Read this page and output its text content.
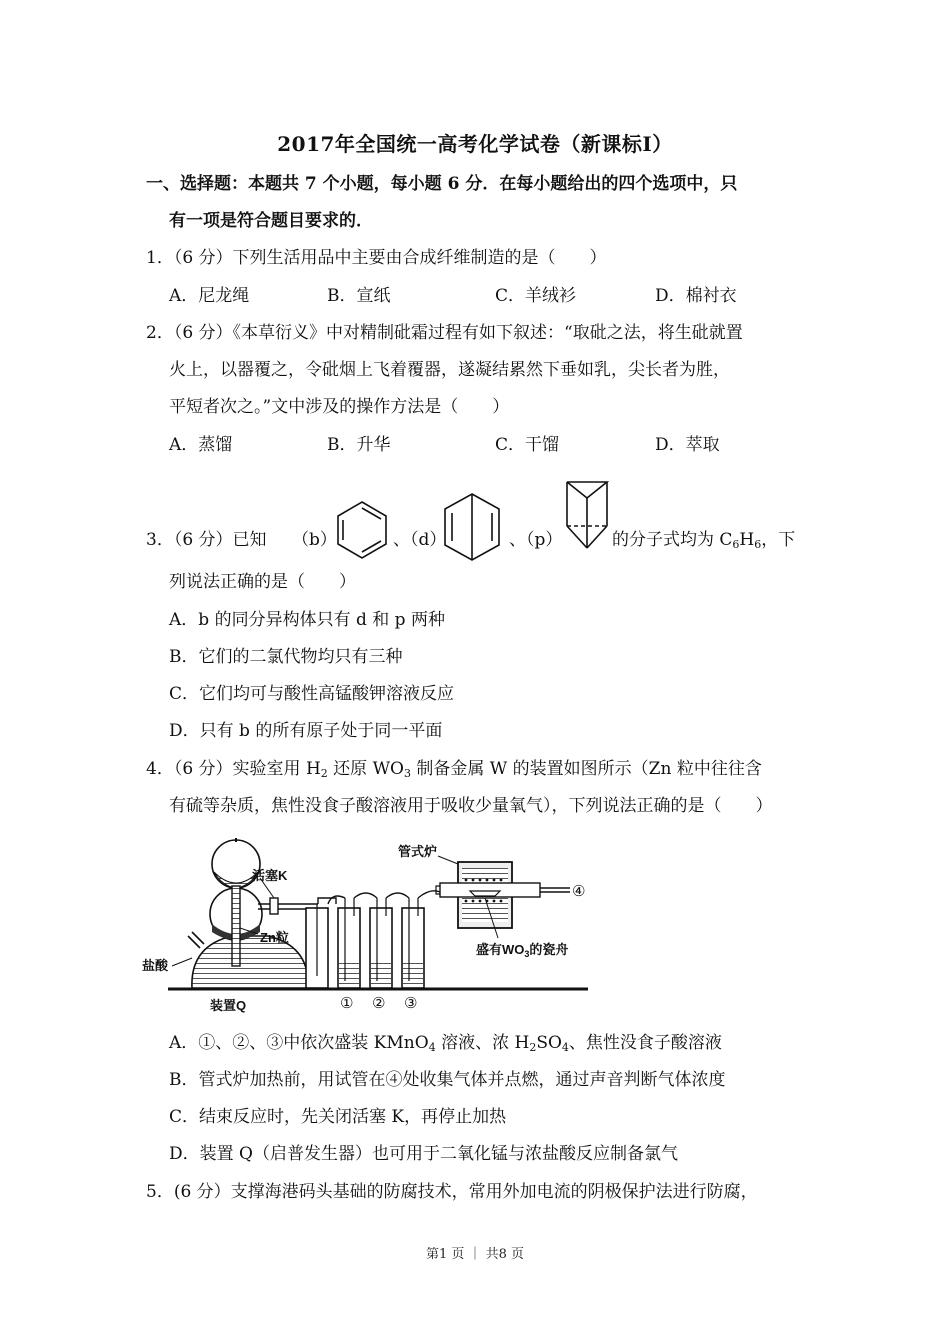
2017年全国统一高考化学试卷（新课标I）
一、选择题：本题共 7 个小题，每小题 6 分．在每小题给出的四个选项中，只
有一项是符合题目要求的．
1．（6 分）下列生活用品中主要由合成纤维制造的是（　　）
A．尼龙绳	B．宣纸	C．羊绒衫	D．棉衬衣
2．（6 分）《本草衍义》中对精制砒霜过程有如下叙述：“取砒之法，将生砒就置
火上，以器覆之，令砒烟上飞着覆器，遂凝结累然下垂如乳，尖长者为胜，
平短者次之。”文中涉及的操作方法是（　　）
A．蒸馏	B．升华	C．干馏	D．萃取
3．（6 分）已知 （b）	、（d）	、（p）	的分子式均为 $C_6H_6$，下
列说法正确的是（　　）
A．b 的同分异构体只有 d 和 p 两种
B．它们的二氯代物均只有三种
C．它们均可与酸性高锰酸钾溶液反应
D．只有 b 的所有原子处于同一平面
4．（6 分）实验室用 $H_2$ 还原 $WO_3$ 制备金属 W 的装置如图所示（Zn 粒中往往含
有硫等杂质，焦性没食子酸溶液用于吸收少量氧气），下列说法正确的是（　　）
管式炉
活塞K
Zn粒
盐酸
装置Q
盛有$WO_3$的瓷舟
① ② ③
④
A．①、②、③中依次盛装 KMnO$_4$ 溶液、浓 $H_2SO_4$、焦性没食子酸溶液
B．管式炉加热前，用试管在④处收集气体并点燃，通过声音判断气体浓度
C．结束反应时，先关闭活塞 K，再停止加热
D．装置 Q（启普发生器）也可用于二氧化锰与浓盐酸反应制备氯气
5．(6 分）支撑海港码头基础的防腐技术，常用外加电流的阴极保护法进行防腐，
第1 页 ｜ 共8 页
